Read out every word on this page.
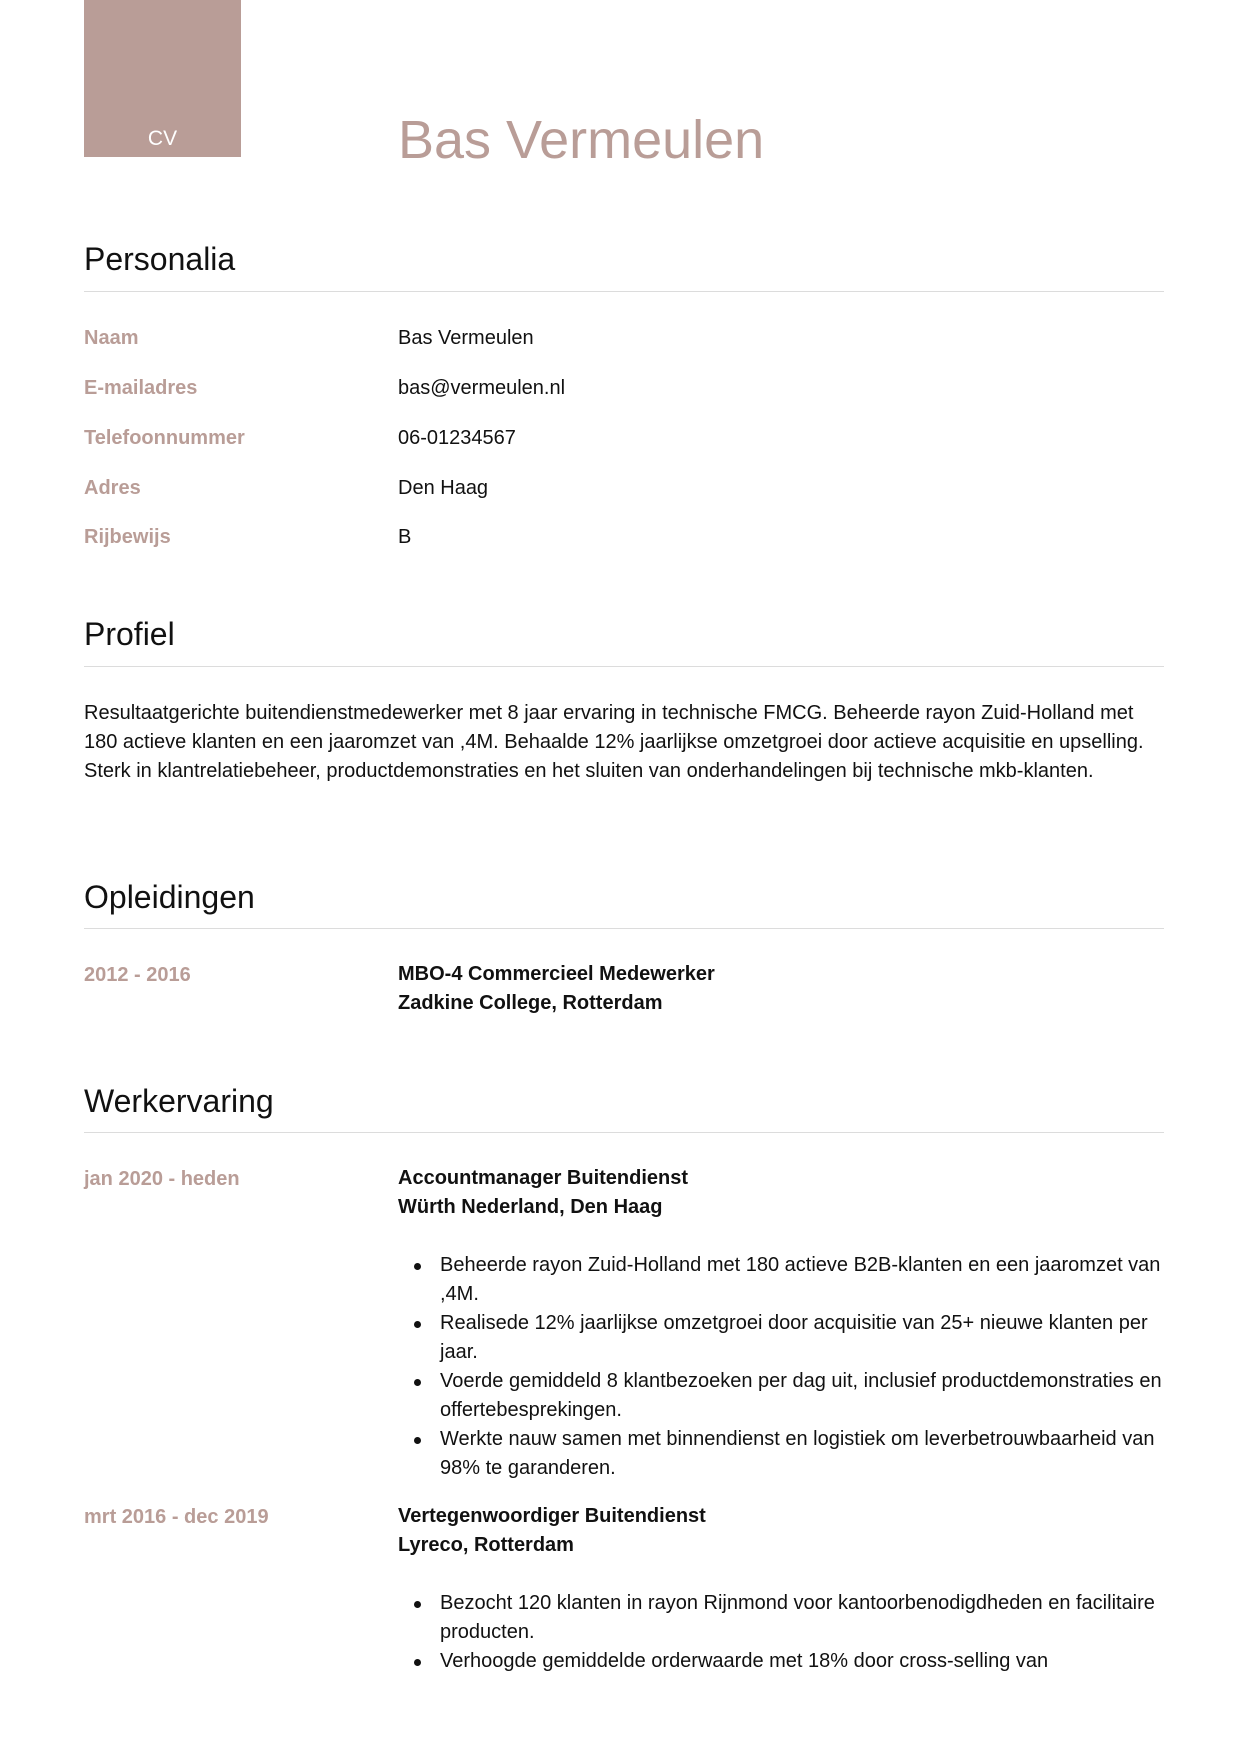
CV	Bas Vermeulen
Personalia
Naam	Bas Vermeulen
E-mailadres	bas@vermeulen.nl
Telefoonnummer	06-01234567
Adres	Den Haag
Rijbewijs	B
Profiel
Resultaatgerichte buitendienstmedewerker met 8 jaar ervaring in technische FMCG. Beheerde rayon Zuid-Holland met 180 actieve klanten en een jaaromzet van ,4M. Behaalde 12% jaarlijkse omzetgroei door actieve acquisitie en upselling. Sterk in klantrelatiebeheer, productdemonstraties en het sluiten van onderhandelingen bij technische mkb-klanten.
Opleidingen
2012 - 2016	MBO-4 Commercieel Medewerker
Zadkine College, Rotterdam
Werkervaring
jan 2020 - heden	Accountmanager Buitendienst
Würth Nederland, Den Haag
Beheerde rayon Zuid-Holland met 180 actieve B2B-klanten en een jaaromzet van ,4M.
Realisede 12% jaarlijkse omzetgroei door acquisitie van 25+ nieuwe klanten per jaar.
Voerde gemiddeld 8 klantbezoeken per dag uit, inclusief productdemonstraties en offertebesprekingen.
Werkte nauw samen met binnendienst en logistiek om leverbetrouwbaarheid van 98% te garanderen.
mrt 2016 - dec 2019	Vertegenwoordiger Buitendienst
Lyreco, Rotterdam
Bezocht 120 klanten in rayon Rijnmond voor kantoorbenodigdheden en facilitaire producten.
Verhoogde gemiddelde orderwaarde met 18% door cross-selling van
